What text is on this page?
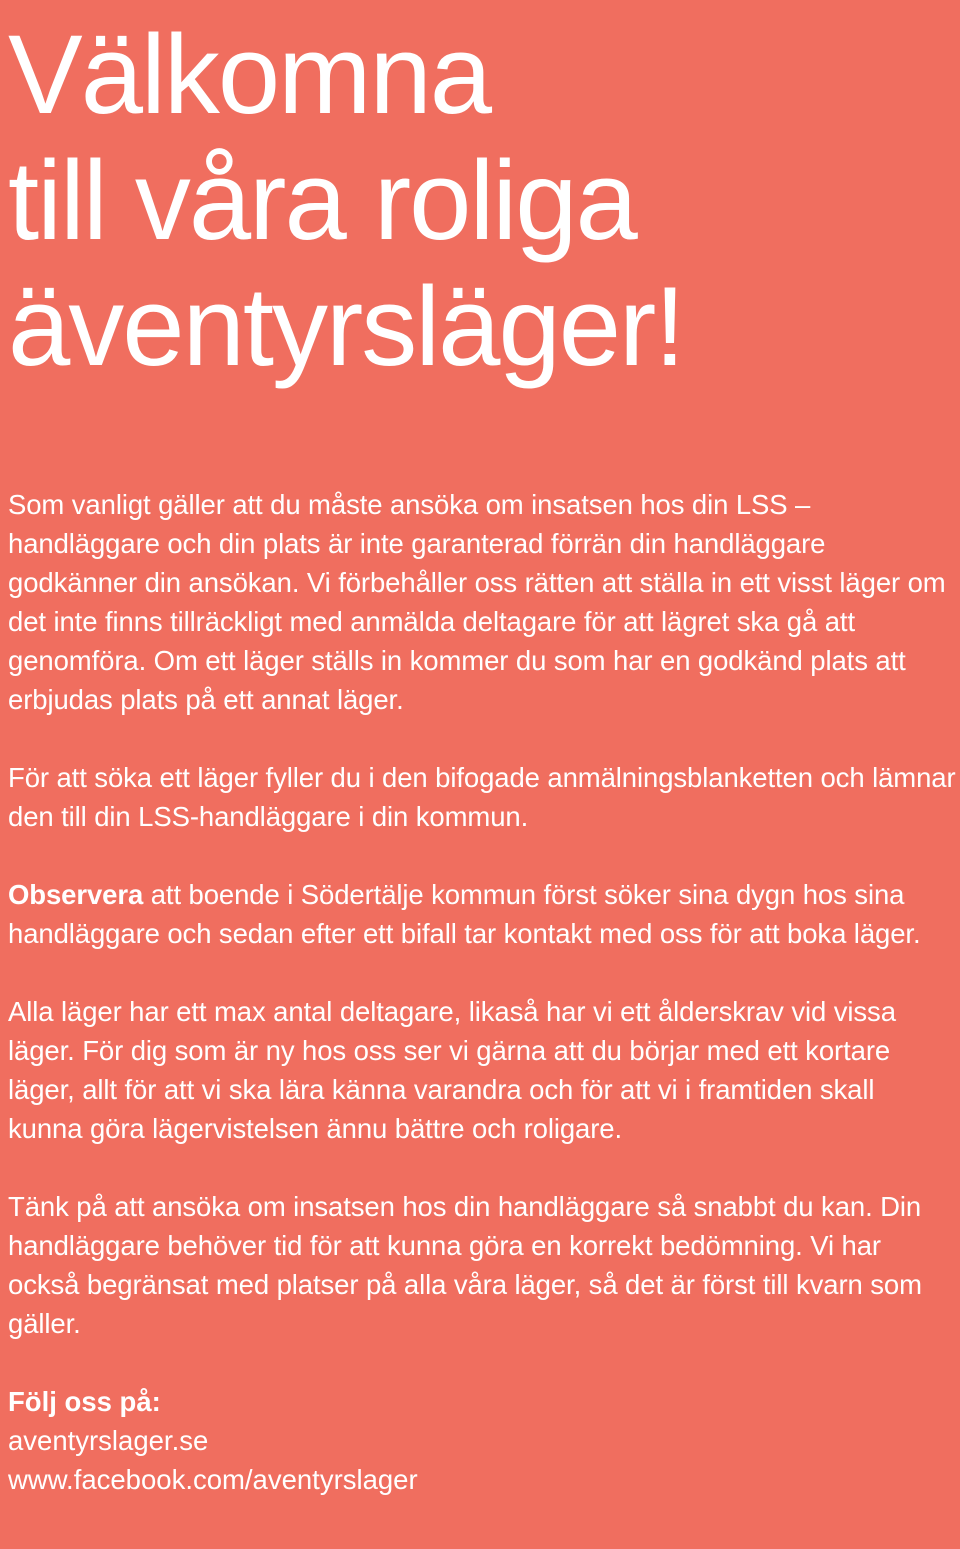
Välkomna
till våra roliga
äventyrsläger!

Som vanligt gäller att du måste ansöka om insatsen hos din LSS – handläggare och din plats är inte garanterad förrän din handläggare godkänner din ansökan. Vi förbehåller oss rätten att ställa in ett visst läger om det inte finns tillräckligt med anmälda deltagare för att lägret ska gå att genomföra. Om ett läger ställs in kommer du som har en godkänd plats att erbjudas plats på ett annat läger.

För att söka ett läger fyller du i den bifogade anmälningsblanketten och lämnar den till din LSS-handläggare i din kommun.

Observera att boende i Södertälje kommun först söker sina dygn hos sina handläggare och sedan efter ett bifall tar kontakt med oss för att boka läger.

Alla läger har ett max antal deltagare, likaså har vi ett ålderskrav vid vissa läger. För dig som är ny hos oss ser vi gärna att du börjar med ett kortare läger, allt för att vi ska lära känna varandra och för att vi i framtiden skall kunna göra lägervistelsen ännu bättre och roligare.

Tänk på att ansöka om insatsen hos din handläggare så snabbt du kan. Din handläggare behöver tid för att kunna göra en korrekt bedömning. Vi har också begränsat med platser på alla våra läger, så det är först till kvarn som gäller.

Följ oss på:
aventyrslager.se
www.facebook.com/aventyrslager
